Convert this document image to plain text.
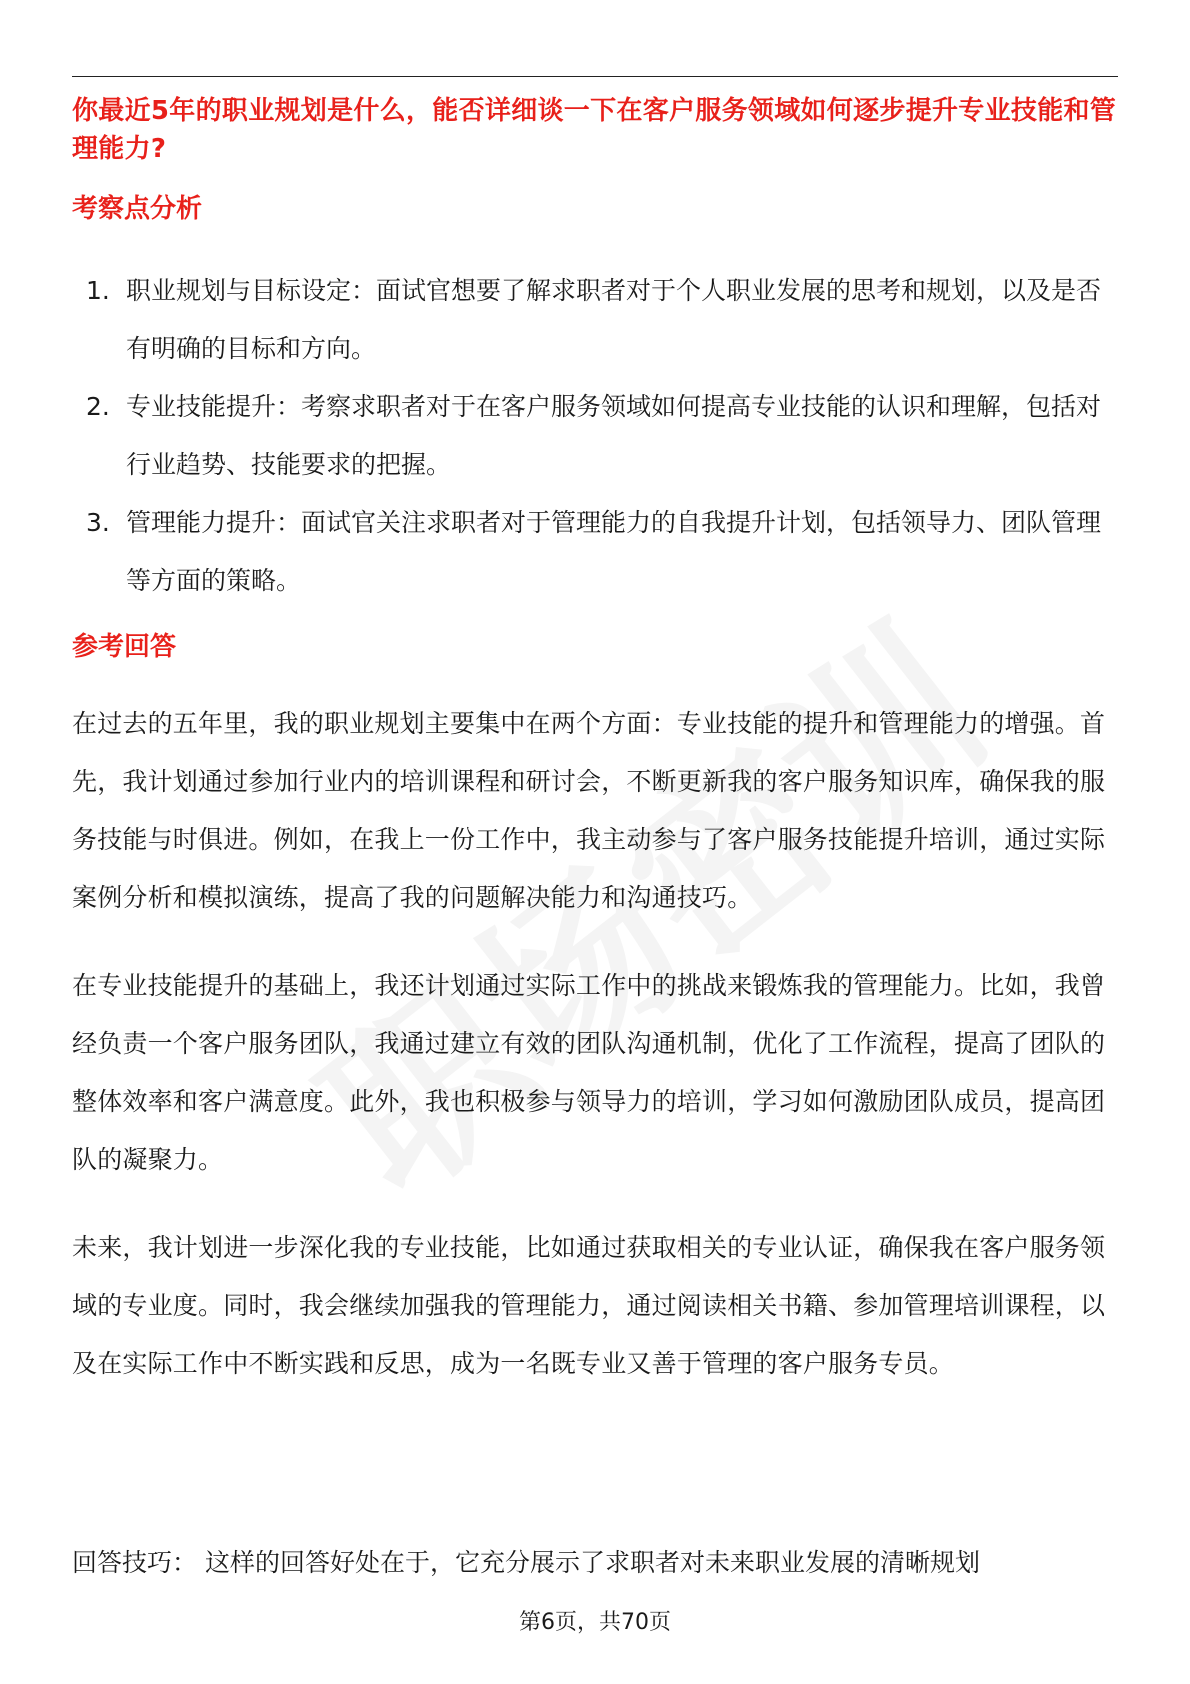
你最近5年的职业规划是什么，能否详细谈一下在客户服务领域如何逐步提升专业技能和管理能力?
考察点分析
1. 职业规划与目标设定：面试官想要了解求职者对于个人职业发展的思考和规划，以及是否有明确的目标和方向。
2. 专业技能提升：考察求职者对于在客户服务领域如何提高专业技能的认识和理解，包括对行业趋势、技能要求的把握。
3. 管理能力提升：面试官关注求职者对于管理能力的自我提升计划，包括领导力、团队管理等方面的策略。
参考回答

在过去的五年里，我的职业规划主要集中在两个方面：专业技能的提升和管理能力的增强。首先，我计划通过参加行业内的培训课程和研讨会，不断更新我的客户服务知识库，确保我的服务技能与时俱进。例如，在我上一份工作中，我主动参与了客户服务技能提升培训，通过实际案例分析和模拟演练，提高了我的问题解决能力和沟通技巧。

在专业技能提升的基础上，我还计划通过实际工作中的挑战来锻炼我的管理能力。比如，我曾经负责一个客户服务团队，我通过建立有效的团队沟通机制，优化了工作流程，提高了团队的整体效率和客户满意度。此外，我也积极参与领导力的培训，学习如何激励团队成员，提高团队的凝聚力。

未来，我计划进一步深化我的专业技能，比如通过获取相关的专业认证，确保我在客户服务领域的专业度。同时，我会继续加强我的管理能力，通过阅读相关书籍、参加管理培训课程，以及在实际工作中不断实践和反思，成为一名既专业又善于管理的客户服务专员。

回答技巧： 这样的回答好处在于，它充分展示了求职者对未来职业发展的清晰规划
第6页，共70页
